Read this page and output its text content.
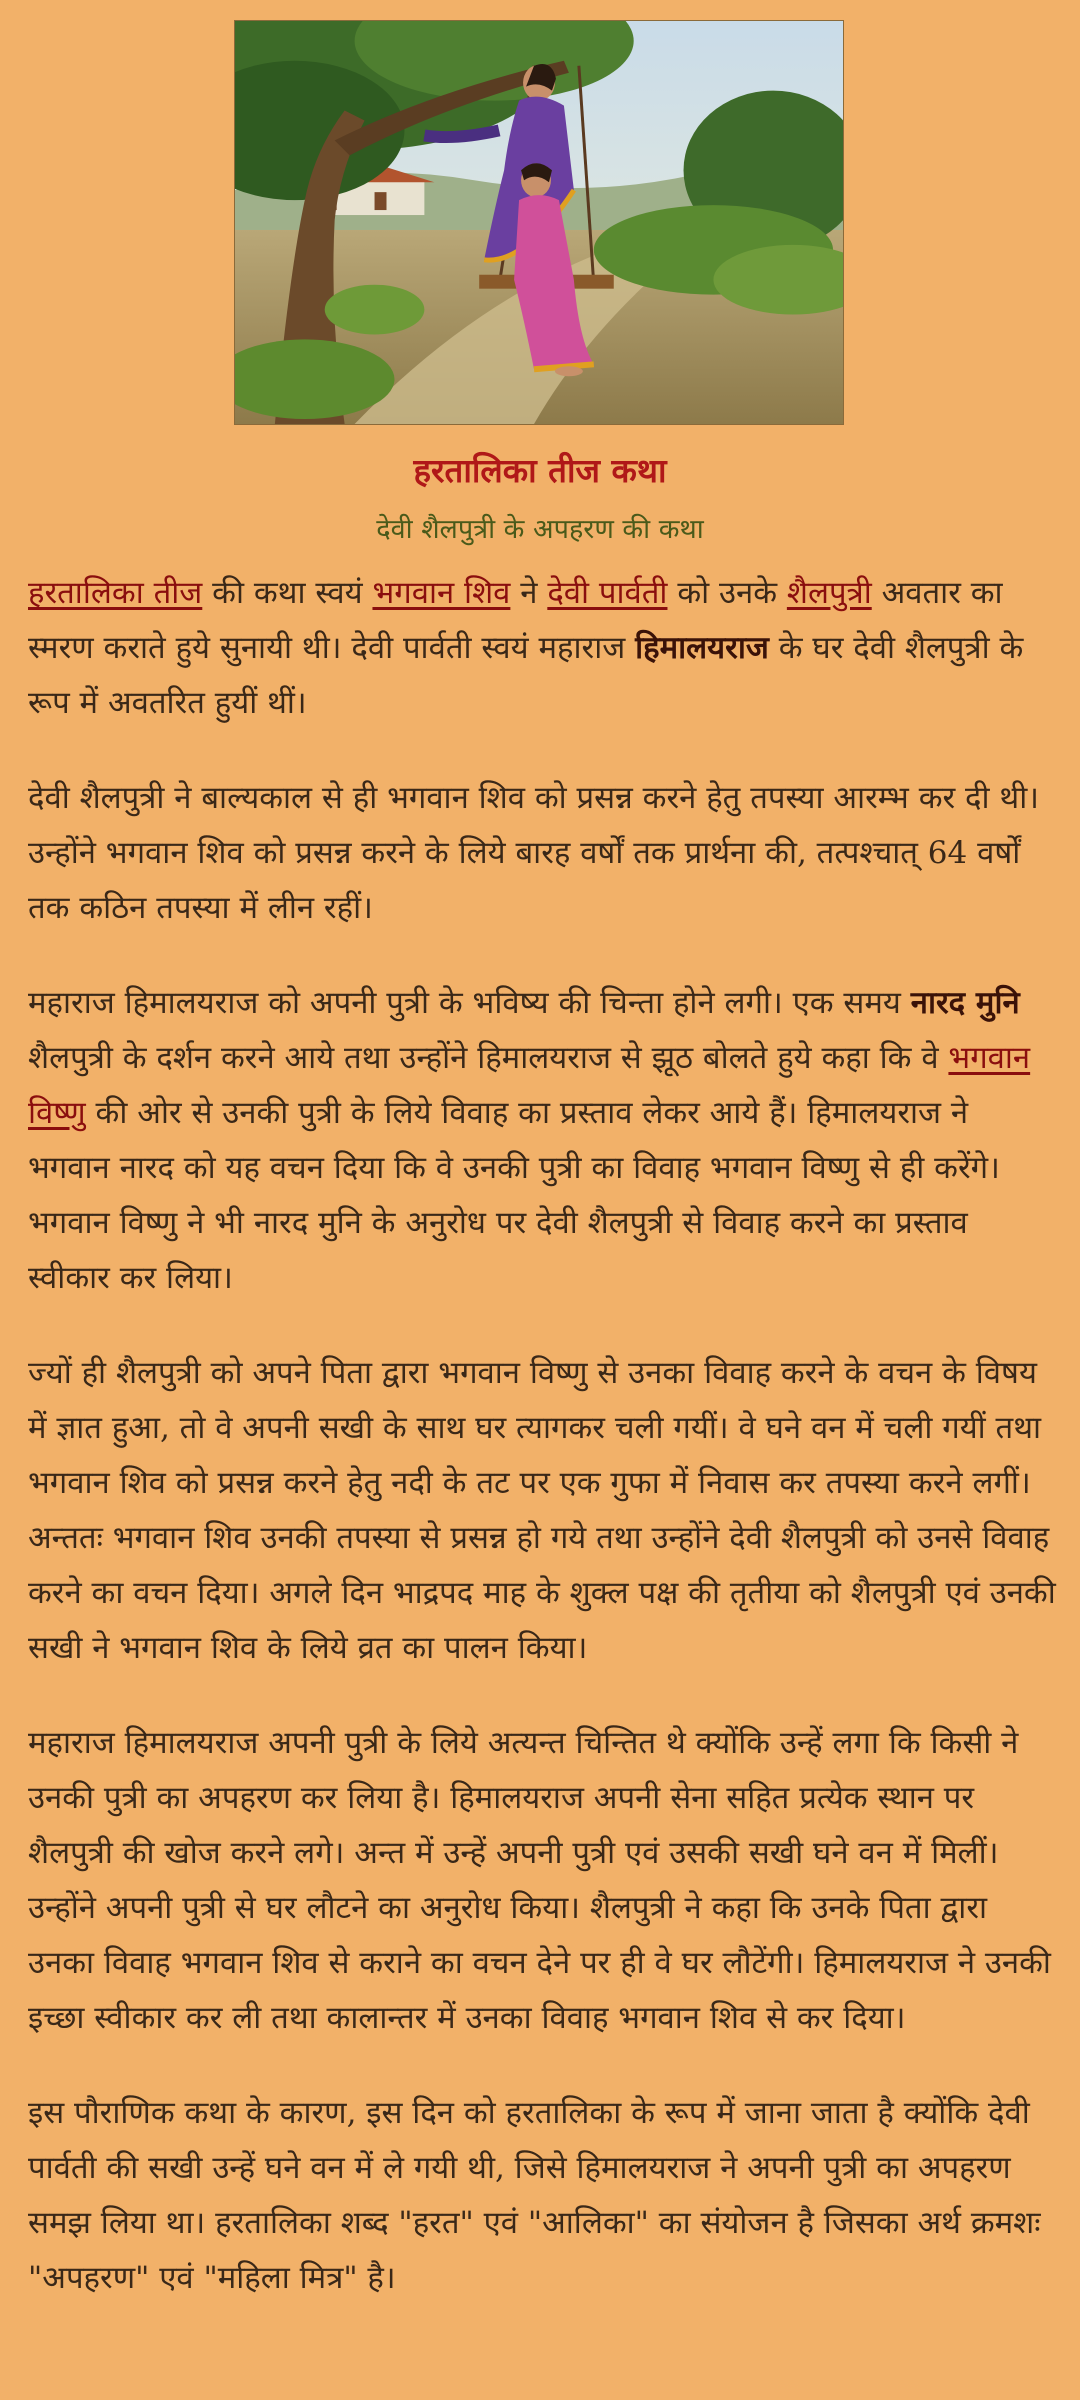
हरतालिका तीज कथा
देवी शैलपुत्री के अपहरण की कथा

हरतालिका तीज की कथा स्वयं भगवान शिव ने देवी पार्वती को उनके शैलपुत्री अवतार का स्मरण कराते हुये सुनायी थी। देवी पार्वती स्वयं महाराज हिमालयराज के घर देवी शैलपुत्री के रूप में अवतरित हुयीं थीं।

देवी शैलपुत्री ने बाल्यकाल से ही भगवान शिव को प्रसन्न करने हेतु तपस्या आरम्भ कर दी थी। उन्होंने भगवान शिव को प्रसन्न करने के लिये बारह वर्षों तक प्रार्थना की, तत्पश्चात् 64 वर्षों तक कठिन तपस्या में लीन रहीं।

महाराज हिमालयराज को अपनी पुत्री के भविष्य की चिन्ता होने लगी। एक समय नारद मुनि शैलपुत्री के दर्शन करने आये तथा उन्होंने हिमालयराज से झूठ बोलते हुये कहा कि वे भगवान विष्णु की ओर से उनकी पुत्री के लिये विवाह का प्रस्ताव लेकर आये हैं। हिमालयराज ने भगवान नारद को यह वचन दिया कि वे उनकी पुत्री का विवाह भगवान विष्णु से ही करेंगे। भगवान विष्णु ने भी नारद मुनि के अनुरोध पर देवी शैलपुत्री से विवाह करने का प्रस्ताव स्वीकार कर लिया।

ज्यों ही शैलपुत्री को अपने पिता द्वारा भगवान विष्णु से उनका विवाह करने के वचन के विषय में ज्ञात हुआ, तो वे अपनी सखी के साथ घर त्यागकर चली गयीं। वे घने वन में चली गयीं तथा भगवान शिव को प्रसन्न करने हेतु नदी के तट पर एक गुफा में निवास कर तपस्या करने लगीं। अन्ततः भगवान शिव उनकी तपस्या से प्रसन्न हो गये तथा उन्होंने देवी शैलपुत्री को उनसे विवाह करने का वचन दिया। अगले दिन भाद्रपद माह के शुक्ल पक्ष की तृतीया को शैलपुत्री एवं उनकी सखी ने भगवान शिव के लिये व्रत का पालन किया।

महाराज हिमालयराज अपनी पुत्री के लिये अत्यन्त चिन्तित थे क्योंकि उन्हें लगा कि किसी ने उनकी पुत्री का अपहरण कर लिया है। हिमालयराज अपनी सेना सहित प्रत्येक स्थान पर शैलपुत्री की खोज करने लगे। अन्त में उन्हें अपनी पुत्री एवं उसकी सखी घने वन में मिलीं। उन्होंने अपनी पुत्री से घर लौटने का अनुरोध किया। शैलपुत्री ने कहा कि उनके पिता द्वारा उनका विवाह भगवान शिव से कराने का वचन देने पर ही वे घर लौटेंगी। हिमालयराज ने उनकी इच्छा स्वीकार कर ली तथा कालान्तर में उनका विवाह भगवान शिव से कर दिया।

इस पौराणिक कथा के कारण, इस दिन को हरतालिका के रूप में जाना जाता है क्योंकि देवी पार्वती की सखी उन्हें घने वन में ले गयी थी, जिसे हिमालयराज ने अपनी पुत्री का अपहरण समझ लिया था। हरतालिका शब्द "हरत" एवं "आलिका" का संयोजन है जिसका अर्थ क्रमशः "अपहरण" एवं "महिला मित्र" है।
